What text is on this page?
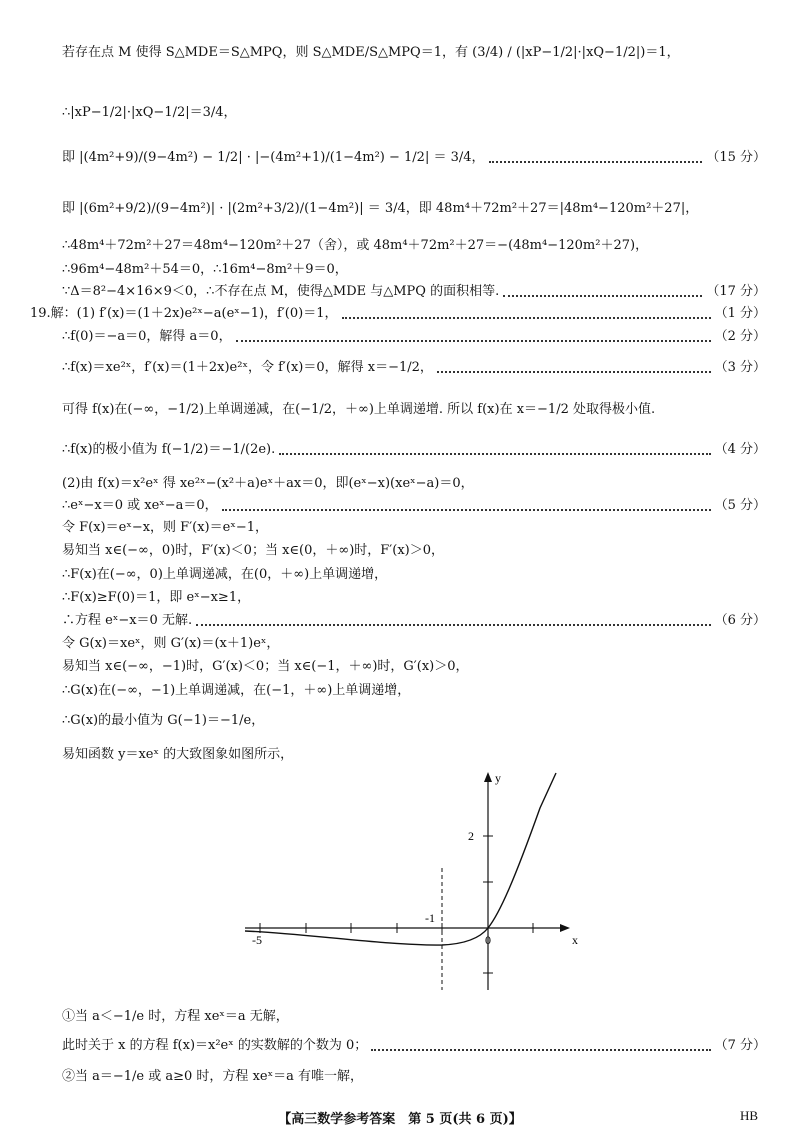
若存在点 M 使得 S△MDE＝S△MPQ，则 S△MDE/S△MPQ＝1，有 (3/4) / (|xP−1/2|·|xQ−1/2|)＝1，
∴|xP−1/2|·|xQ−1/2|＝3/4，
即 |(4m²+9)/(9−4m²) − 1/2| · |−(4m²+1)/(1−4m²) − 1/2| ＝ 3/4，	（15 分）
即 |(6m²+9/2)/(9−4m²)| · |(2m²+3/2)/(1−4m²)| ＝ 3/4，即 48m⁴＋72m²＋27＝|48m⁴−120m²＋27|，
∴48m⁴＋72m²＋27＝48m⁴−120m²＋27（舍），或 48m⁴＋72m²＋27＝−(48m⁴−120m²＋27)，
∴96m⁴−48m²＋54＝0，∴16m⁴−8m²＋9＝0，
∵Δ＝8²−4×16×9＜0，∴不存在点 M，使得△MDE 与△MPQ 的面积相等.	（17 分）
19.解：(1) f′(x)＝(1＋2x)e²ˣ−a(eˣ−1)，f′(0)＝1，	（1 分）
∴f(0)＝−a＝0，解得 a＝0，	（2 分）
∴f(x)＝xe²ˣ，f′(x)＝(1＋2x)e²ˣ，令 f′(x)＝0，解得 x＝−1/2，	（3 分）
可得 f(x)在(−∞，−1/2)上单调递减，在(−1/2，＋∞)上单调递增. 所以 f(x)在 x＝−1/2 处取得极小值.
∴f(x)的极小值为 f(−1/2)＝−1/(2e).	（4 分）
(2)由 f(x)＝x²eˣ 得 xe²ˣ−(x²＋a)eˣ＋ax＝0，即(eˣ−x)(xeˣ−a)＝0，
∴eˣ−x＝0 或 xeˣ−a＝0，	（5 分）
令 F(x)＝eˣ−x，则 F′(x)＝eˣ−1，
易知当 x∈(−∞，0)时，F′(x)＜0；当 x∈(0，＋∞)时，F′(x)＞0，
∴F(x)在(−∞，0)上单调递减，在(0，＋∞)上单调递增，
∴F(x)≥F(0)＝1，即 eˣ−x≥1，
∴方程 eˣ−x＝0 无解.	（6 分）
令 G(x)＝xeˣ，则 G′(x)＝(x＋1)eˣ，
易知当 x∈(−∞，−1)时，G′(x)＜0；当 x∈(−1，＋∞)时，G′(x)＞0，
∴G(x)在(−∞，−1)上单调递减，在(−1，＋∞)上单调递增，
∴G(x)的最小值为 G(−1)＝−1/e，
易知函数 y＝xeˣ 的大致图象如图所示，
y
x
-5
2
-1
0
①当 a＜−1/e 时，方程 xeˣ＝a 无解，
此时关于 x 的方程 f(x)＝x²eˣ 的实数解的个数为 0；	（7 分）
②当 a＝−1/e 或 a≥0 时，方程 xeˣ＝a 有唯一解，
【高三数学参考答案　第 5 页(共 6 页)】	HB
